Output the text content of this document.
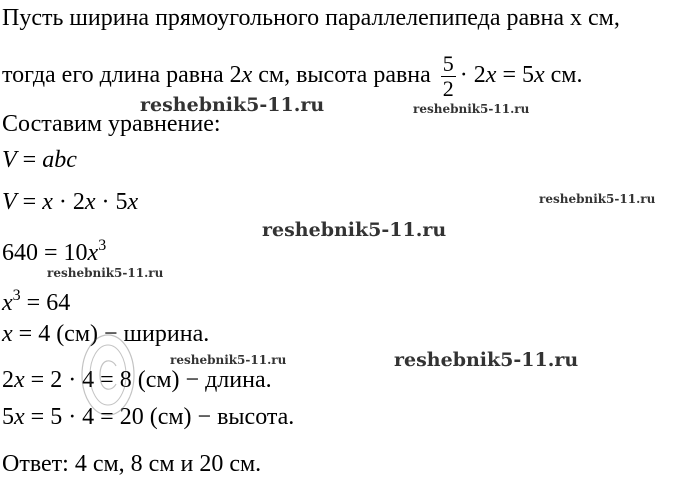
Пусть ширина прямоугольного параллелепипеда равна x см,
тогда его длина равна 2x см, высота равна $\frac{5}{2} \cdot 2x = 5x$ см.
Составим уравнение:
V = abc
V = x · 2x · 5x
$640 = 10x^3$
$x^3 = 64$
x = 4 (см) − ширина.
2x = 2 · 4 = 8 (см) − длина.
5x = 5 · 4 = 20 (см) − высота.
Ответ: 4 см, 8 см и 20 см.
reshebnik5-11.ru	reshebnik5-11.ru
reshebnik5-11.ru
reshebnik5-11.ru
reshebnik5-11.ru
reshebnik5-11.ru	reshebnik5-11.ru
